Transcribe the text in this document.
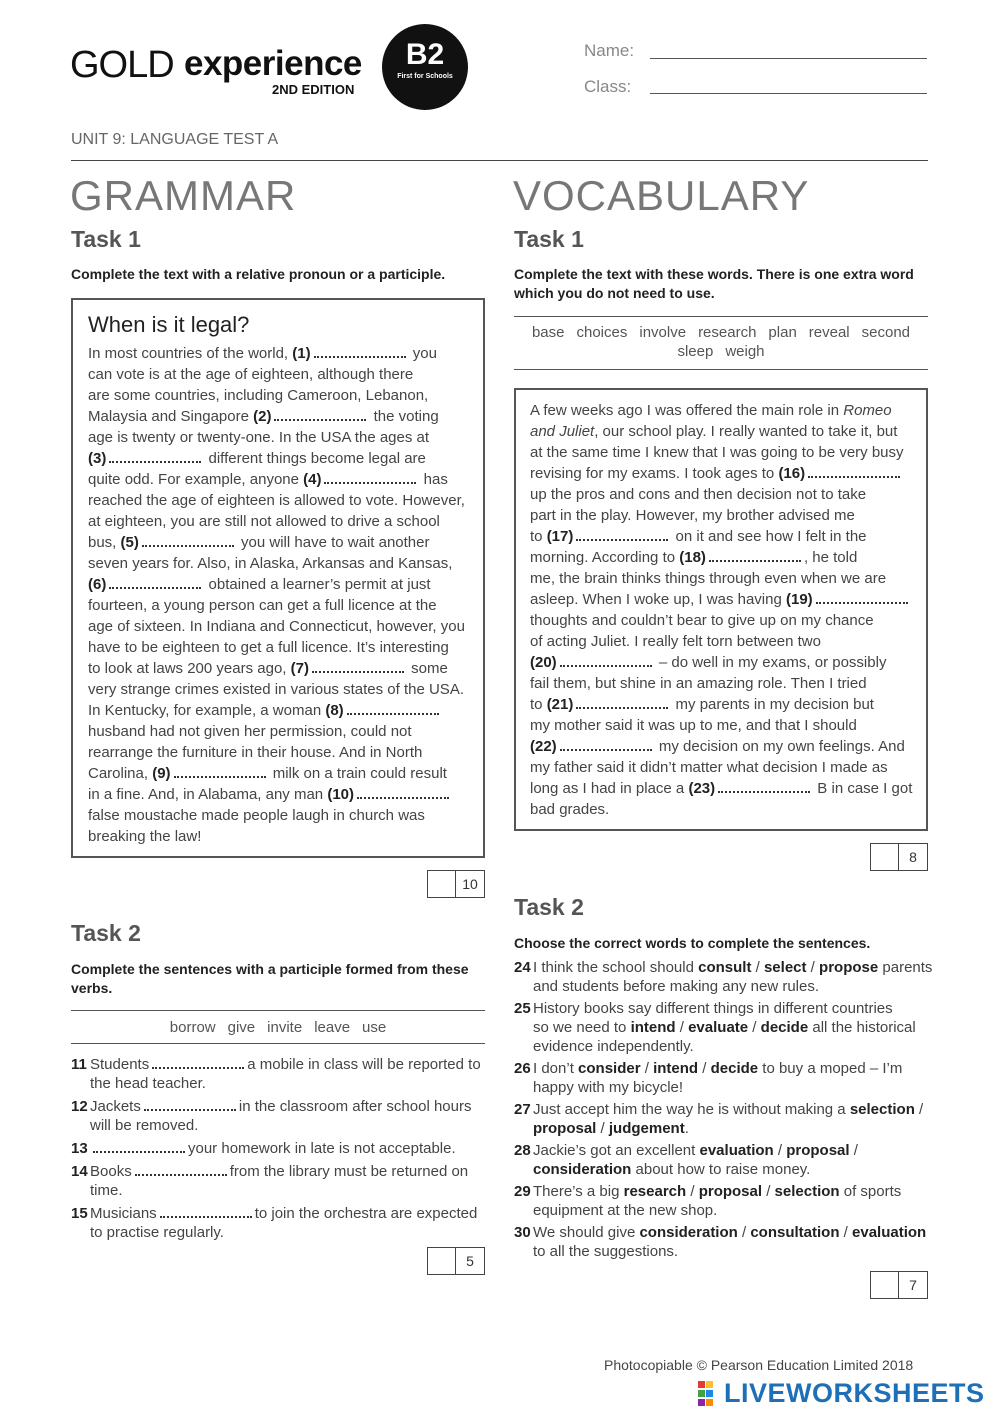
GOLD experience
2ND EDITION
B2
First for Schools
Name:
Class:
UNIT 9: LANGUAGE TEST A
GRAMMAR
Task 1
Complete the text with a relative pronoun or a participle.
When is it legal?
In most countries of the world, (1)	you
can vote is at the age of eighteen, although there
are some countries, including Cameroon, Lebanon,
Malaysia and Singapore (2)	the voting
age is twenty or twenty-one. In the USA the ages at
(3)	different things become legal are
quite odd. For example, anyone (4)	has
reached the age of eighteen is allowed to vote. However,
at eighteen, you are still not allowed to drive a school
bus, (5)	you will have to wait another
seven years for. Also, in Alaska, Arkansas and Kansas,
(6)	obtained a learner’s permit at just
fourteen, a young person can get a full licence at the
age of sixteen. In Indiana and Connecticut, however, you
have to be eighteen to get a full licence. It’s interesting
to look at laws 200 years ago, (7)	some
very strange crimes existed in various states of the USA.
In Kentucky, for example, a woman (8)
husband had not given her permission, could not
rearrange the furniture in their house. And in North
Carolina, (9)	milk on a train could result
in a fine. And, in Alabama, any man (10)
false moustache made people laugh in church was
breaking the law!
10
Task 2
Complete the sentences with a participle formed from these verbs.
borrow give invite leave use
11 Students	a mobile in class will be reported to
the head teacher.
12 Jackets	in the classroom after school hours
will be removed.
13	your homework in late is not acceptable.
14 Books	from the library must be returned on
time.
15 Musicians	to join the orchestra are expected
to practise regularly.
5
VOCABULARY
Task 1
Complete the text with these words. There is one extra word which you do not need to use.
base choices involve research plan reveal second
sleep weigh
A few weeks ago I was offered the main role in Romeo
and Juliet, our school play. I really wanted to take it, but
at the same time I knew that I was going to be very busy
revising for my exams. I took ages to (16)
up the pros and cons and then decision not to take
part in the play. However, my brother advised me
to (17)	on it and see how I felt in the
morning. According to (18)	, he told
me, the brain thinks things through even when we are
asleep. When I woke up, I was having (19)
thoughts and couldn’t bear to give up on my chance
of acting Juliet. I really felt torn between two
(20)	– do well in my exams, or possibly
fail them, but shine in an amazing role. Then I tried
to (21)	my parents in my decision but
my mother said it was up to me, and that I should
(22)	my decision on my own feelings. And
my father said it didn’t matter what decision I made as
long as I had in place a (23)	B in case I got
bad grades.
8
Task 2
Choose the correct words to complete the sentences.
24 I think the school should consult / select / propose parents
and students before making any new rules.
25 History books say different things in different countries
so we need to intend / evaluate / decide all the historical
evidence independently.
26 I don’t consider / intend / decide to buy a moped – I’m
happy with my bicycle!
27 Just accept him the way he is without making a selection /
proposal / judgement.
28 Jackie’s got an excellent evaluation / proposal /
consideration about how to raise money.
29 There’s a big research / proposal / selection of sports
equipment at the new shop.
30 We should give consideration / consultation / evaluation
to all the suggestions.
7
Photocopiable © Pearson Education Limited 2018
LIVEWORKSHEETS
